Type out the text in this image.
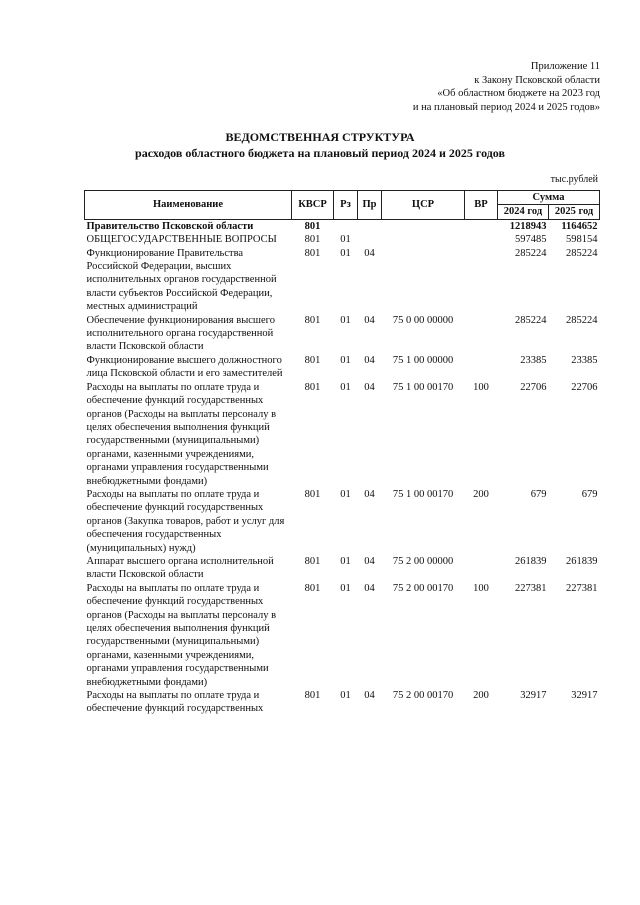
Приложение 11
к Закону Псковской области
«Об областном бюджете на 2023 год
и на плановый период 2024 и 2025 годов»
ВЕДОМСТВЕННАЯ СТРУКТУРА
расходов областного бюджета на плановый период 2024 и 2025 годов
тыс.рублей
Наименование	КВСР	Рз	Пр	ЦСР	ВР	Сумма	
						2024 год	2025 год
Правительство Псковской области	801					1218943	1164652
ОБЩЕГОСУДАРСТВЕННЫЕ ВОПРОСЫ	801	01				597485	598154
Функционирование Правительства Российской Федерации, высших исполнительных органов государственной власти субъектов Российской Федерации, местных администраций	801	01	04			285224	285224
Обеспечение функционирования высшего исполнительного органа государственной власти Псковской области	801	01	04	75 0 00 00000		285224	285224
Функционирование высшего должностного лица Псковской области и его заместителей	801	01	04	75 1 00 00000		23385	23385
Расходы на выплаты по оплате труда и обеспечение функций государственных органов (Расходы на выплаты персоналу в целях обеспечения выполнения функций государственными (муниципальными) органами, казенными учреждениями, органами управления государственными внебюджетными фондами)	801	01	04	75 1 00 00170	100	22706	22706
Расходы на выплаты по оплате труда и обеспечение функций государственных органов (Закупка товаров, работ и услуг для обеспечения государственных (муниципальных) нужд)	801	01	04	75 1 00 00170	200	679	679
Аппарат высшего органа исполнительной власти Псковской области	801	01	04	75 2 00 00000		261839	261839
Расходы на выплаты по оплате труда и обеспечение функций государственных органов (Расходы на выплаты персоналу в целях обеспечения выполнения функций государственными (муниципальными) органами, казенными учреждениями, органами управления государственными внебюджетными фондами)	801	01	04	75 2 00 00170	100	227381	227381
Расходы на выплаты по оплате труда и обеспечение функций государственных	801	01	04	75 2 00 00170	200	32917	32917
